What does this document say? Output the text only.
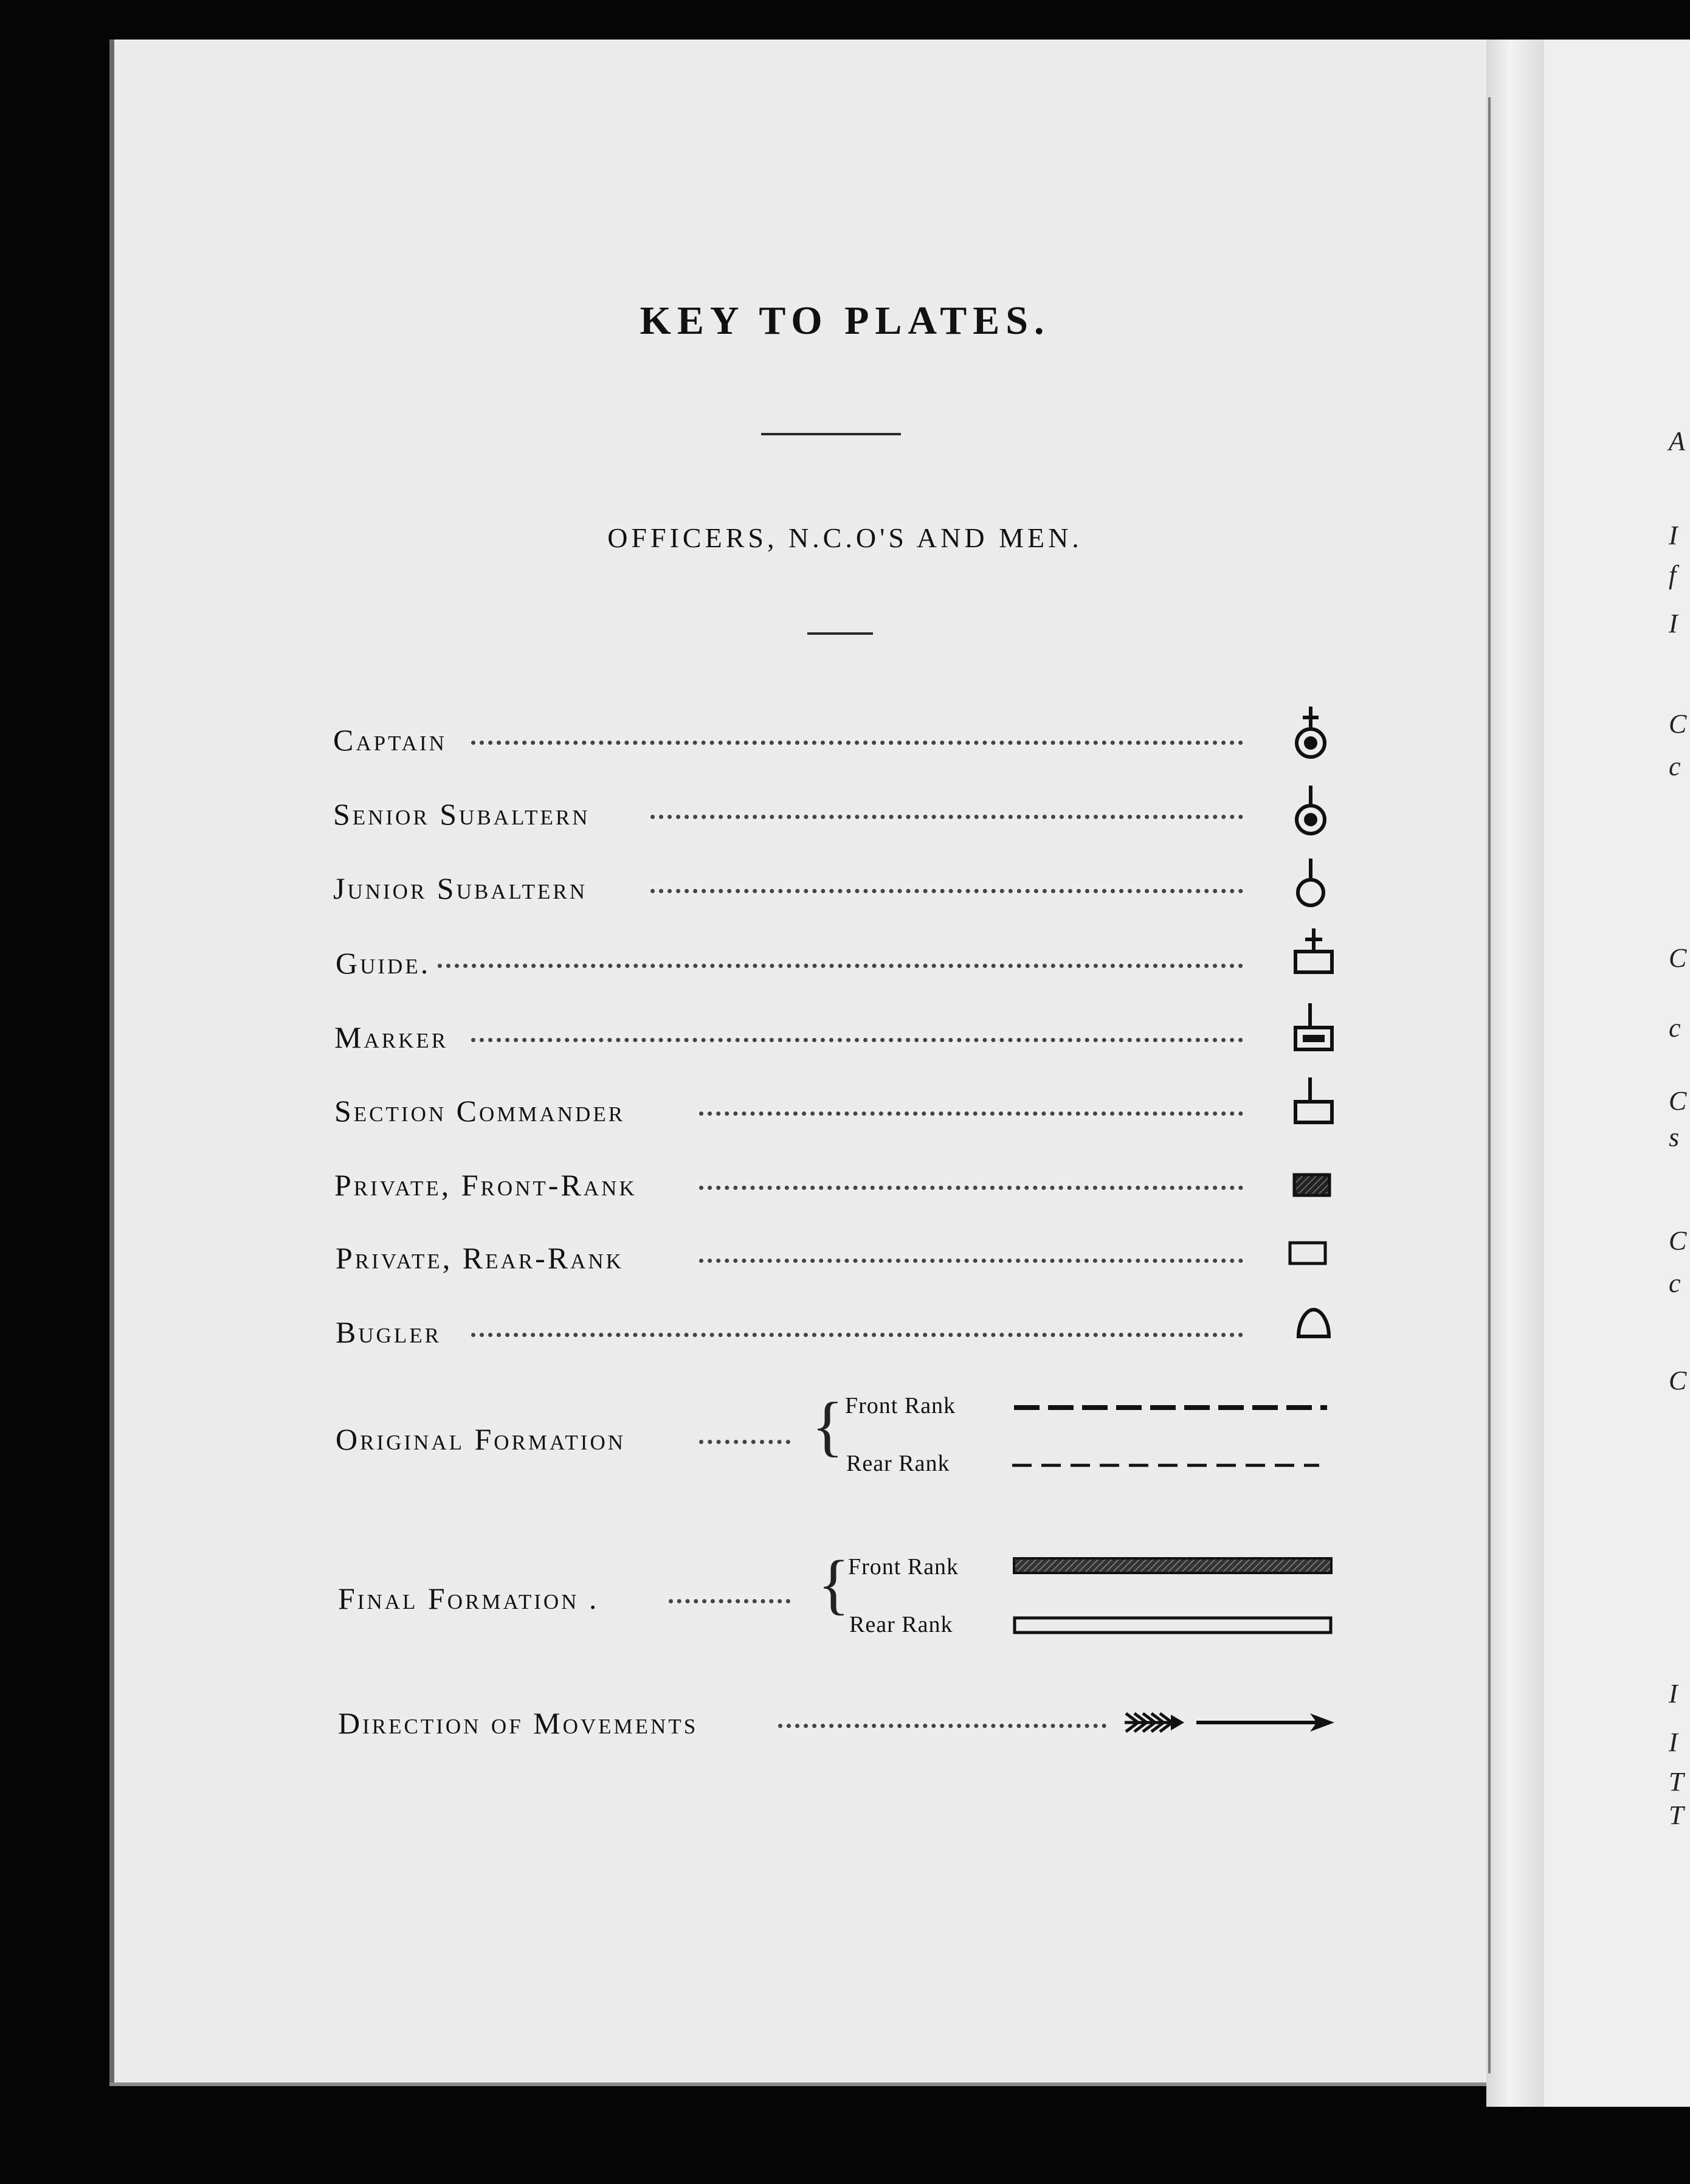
A
I
f
I
C
c
C
c
C
s
C
c
C
I
I
T
T
KEY TO PLATES.
OFFICERS, N.C.O'S AND MEN.
Captain
Senior Subaltern
Junior Subaltern
Guide.
Marker
Section Commander
Private, Front-Rank
Private, Rear-Rank
Bugler
Original Formation	{ Front Rank
Rear Rank
Final Formation .	{
Front Rank
Rear Rank
Direction of Movements
